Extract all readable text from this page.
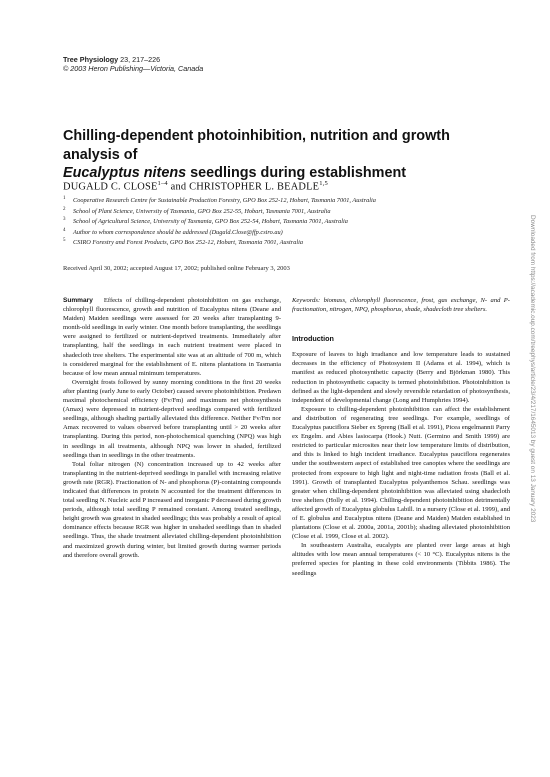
Tree Physiology 23, 217–226
© 2003 Heron Publishing—Victoria, Canada
Chilling-dependent photoinhibition, nutrition and growth analysis of
Eucalyptus nitens seedlings during establishment
DUGALD C. CLOSE$^{1-4}$ and CHRISTOPHER L. BEADLE$^{1,5}$
1 Cooperative Research Centre for Sustainable Production Forestry, GPO Box 252-12, Hobart, Tasmania 7001, Australia
2 School of Plant Science, University of Tasmania, GPO Box 252-55, Hobart, Tasmania 7001, Australia
3 School of Agricultural Science, University of Tasmania, GPO Box 252-54, Hobart, Tasmania 7001, Australia
4 Author to whom correspondence should be addressed (Dugald.Close@ffp.csiro.au)
5 CSIRO Forestry and Forest Products, GPO Box 252-12, Hobart, Tasmania 7001, Australia
Received April 30, 2002; accepted August 17, 2002; published online February 3, 2003

Summary Effects of chilling-dependent photoinhibition on gas exchange, chlorophyll fluorescence, growth and nutrition of Eucalyptus nitens (Deane and Maiden) Maiden seedlings were assessed for 20 weeks after transplanting 9-month-old seedlings in early winter. One month before transplanting, the seedlings were assigned to fertilized or nutrient-deprived treatments. Immediately after transplanting, half the seedlings in each nutrient treatment were placed in shadecloth tree shelters. The experimental site was at an altitude of 700 m, which is considered marginal for the establishment of E. nitens plantations in Tasmania because of low mean annual minimum temperatures.

Overnight frosts followed by sunny morning conditions in the first 20 weeks after planting (early June to early October) caused severe photoinhibition. Predawn maximal photochemical efficiency (Fv/Fm) and maximum net photosynthesis (Amax) were depressed in nutrient-deprived seedlings compared with fertilized seedlings, although shading partially alleviated this difference. Neither Fv/Fm nor Amax recovered to values observed before transplanting until > 20 weeks after transplanting. During this period, non-photochemical quenching (NPQ) was high in seedlings in all treatments, although NPQ was lower in shaded, fertilized seedlings than in seedlings in the other treatments.

Total foliar nitrogen (N) concentration increased up to 42 weeks after transplanting in the nutrient-deprived seedlings in parallel with increasing relative growth rate (RGR). Fractionation of N- and phosphorus (P)-containing compounds indicated that differences in protein N accounted for the treatment differences in total seedling N. Nucleic acid P increased and inorganic P decreased during growth periods, although total seedling P remained constant. Among treated seedlings, height growth was greatest in shaded seedlings; this was probably a result of apical dominance effects because RGR was higher in unshaded seedlings than in shaded seedlings. Thus, the shade treatment alleviated chilling-dependent photoinhibition and maximized growth during winter, but limited growth during warmer periods and therefore overall growth.

Keywords: biomass, chlorophyll fluorescence, frost, gas exchange, N- and P-fractionation, nitrogen, NPQ, phosphorus, shade, shadecloth tree shelters.

Introduction

Exposure of leaves to high irradiance and low temperature leads to sustained decreases in the efficiency of Photosystem II (Adams et al. 1994), which is manifest as reduced photosynthetic capacity (Berry and Björkman 1980). This reduction in photosynthetic capacity is termed photoinhibition. Photoinhibition is defined as the light-dependent and slowly reversible retardation of photosynthesis, independent of developmental change (Long and Humphries 1994).

Exposure to chilling-dependent photoinhibition can affect the establishment and distribution of regenerating tree seedlings. For example, seedlings of Eucalyptus pauciflora Sieber ex Spreng (Ball et al. 1991), Picea engelmannii Parry ex Engelm. and Abies lasiocarpa (Hook.) Nutt. (Germino and Smith 1999) are restricted to particular microsites near their low temperature limits of distribution, and this is linked to high incident irradiance. Eucalyptus pauciflora regenerates under the southwestern aspect of established tree canopies where the seedlings are protected from exposure to high light and night-time radiation frosts (Ball et al. 1991). Growth of transplanted Eucalyptus polyanthemos Schau. seedlings was greater when chilling-dependent photoinhibition was alleviated using shadecloth tree shelters (Holly et al. 1994). Chilling-dependent photoinhibition detrimentally affected growth of Eucalyptus globulus Labill. in a nursery (Close et al. 1999), and of E. globulus and Eucalyptus nitens (Deane and Maiden) Maiden established in plantations (Close et al. 2000a, 2001a, 2001b); shading alleviated photoinhibition (Close et al. 1999, Close et al. 2002).

In southeastern Australia, eucalypts are planted over large areas at high altitudes with low mean annual temperatures (< 10 °C). Eucalyptus nitens is the preferred species for planting in these cold environments (Tibbits 1986). The seedlings

Downloaded from https://academic.oup.com/treephys/article/23/4/217/1645013 by guest on 13 January 2023
